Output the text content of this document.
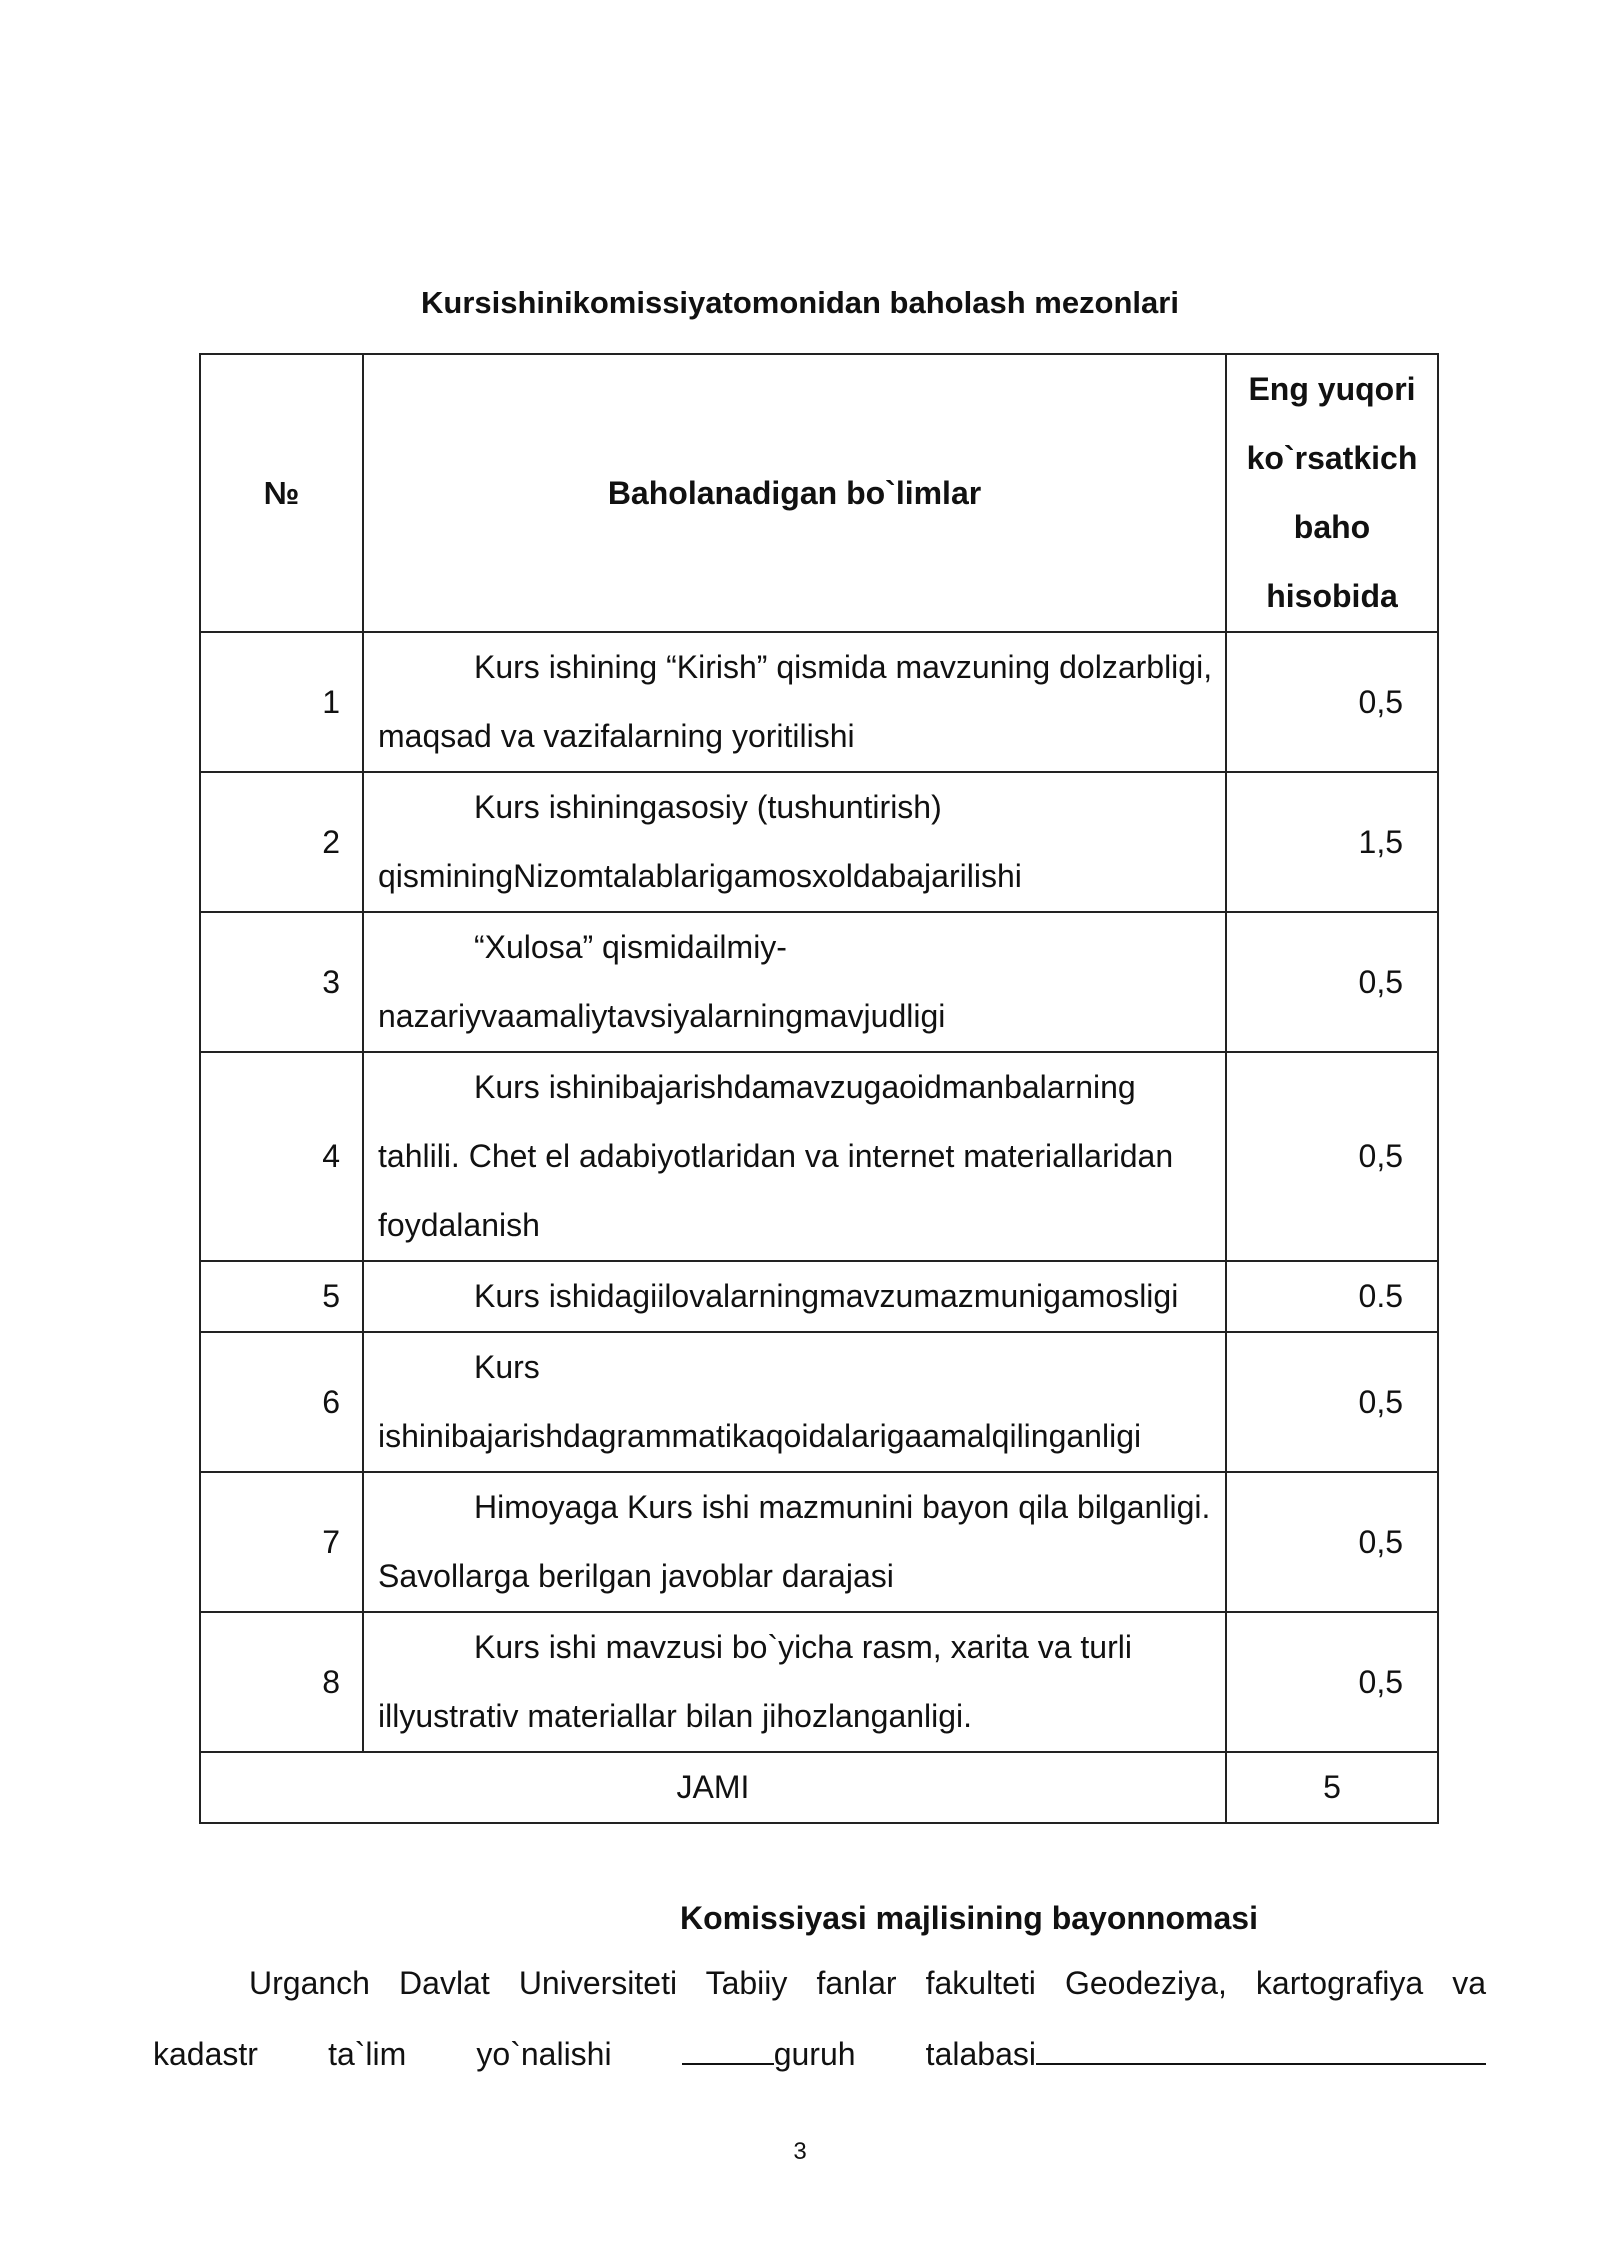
Kursishinikomissiyatomonidan baholash mezonlari
№	Baholanadigan bo`limlar	Eng yuqori ko`rsatkich baho hisobida
1	Kurs ishining “Kirish” qismida mavzuning dolzarbligi, maqsad va vazifalarning yoritilishi	0,5
2	Kurs ishiningasosiy (tushuntirish) qisminingNizomtalablarigamosxoldabajarilishi	1,5
3	“Xulosa” qismidailmiy-nazariyvaamaliytavsiyalarningmavjudligi	0,5
4	Kurs ishinibajarishdamavzugaoidmanbalarning tahlili. Chet el adabiyotlaridan va internet materiallaridan foydalanish	0,5
5	Kurs ishidagiilovalarningmavzumazmunigamosligi	0.5
6	Kurs ishinibajarishdagrammatikaqoidalarigaamalqilinganligi	0,5
7	Himoyaga Kurs ishi mazmunini bayon qila bilganligi. Savollarga berilgan javoblar darajasi	0,5
8	Kurs ishi mavzusi bo`yicha rasm, xarita va turli illyustrativ materiallar bilan jihozlanganligi.	0,5
JAMI		5
Komissiyasi majlisining bayonnomasi
Urganch Davlat Universiteti Tabiiy fanlar fakulteti Geodeziya, kartografiya va
kadastr ta`lim yo`nalishi	guruh talabasi
3
